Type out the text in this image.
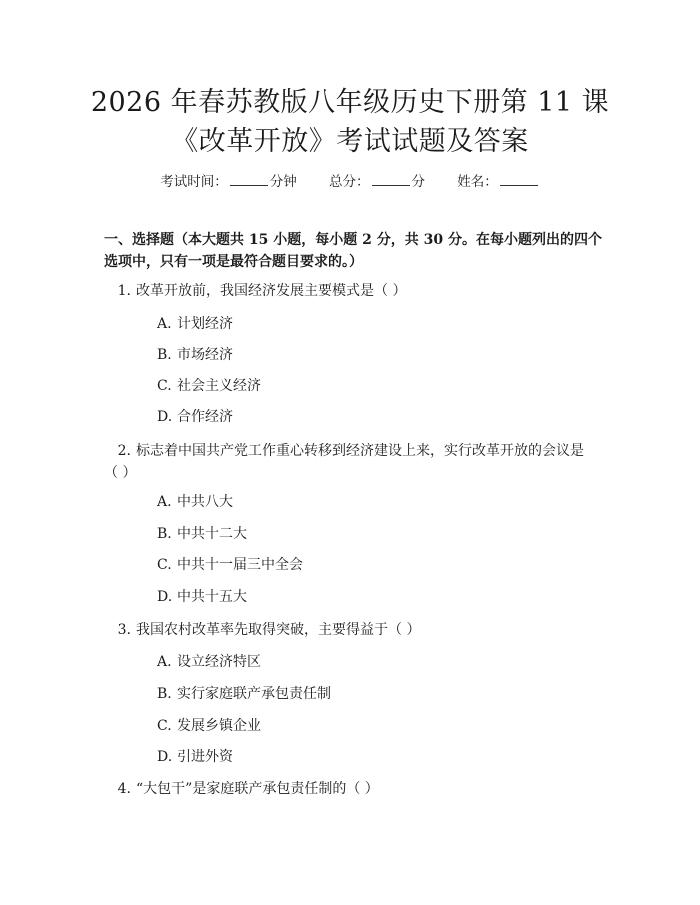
2026 年春苏教版八年级历史下册第 11 课
《改革开放》考试试题及答案
考试时间：	分钟 总分：	分 姓名：
一、选择题（本大题共 15 小题，每小题 2 分，共 30 分。在每小题列出的四个选项中，只有一项是最符合题目要求的。）
1. 改革开放前，我国经济发展主要模式是（ ）
A. 计划经济
B. 市场经济
C. 社会主义经济
D. 合作经济
2. 标志着中国共产党工作重心转移到经济建设上来，实行改革开放的会议是
（ ）
A. 中共八大
B. 中共十二大
C. 中共十一届三中全会
D. 中共十五大
3. 我国农村改革率先取得突破，主要得益于（ ）
A. 设立经济特区
B. 实行家庭联产承包责任制
C. 发展乡镇企业
D. 引进外资
4. “大包干”是家庭联产承包责任制的（ ）
